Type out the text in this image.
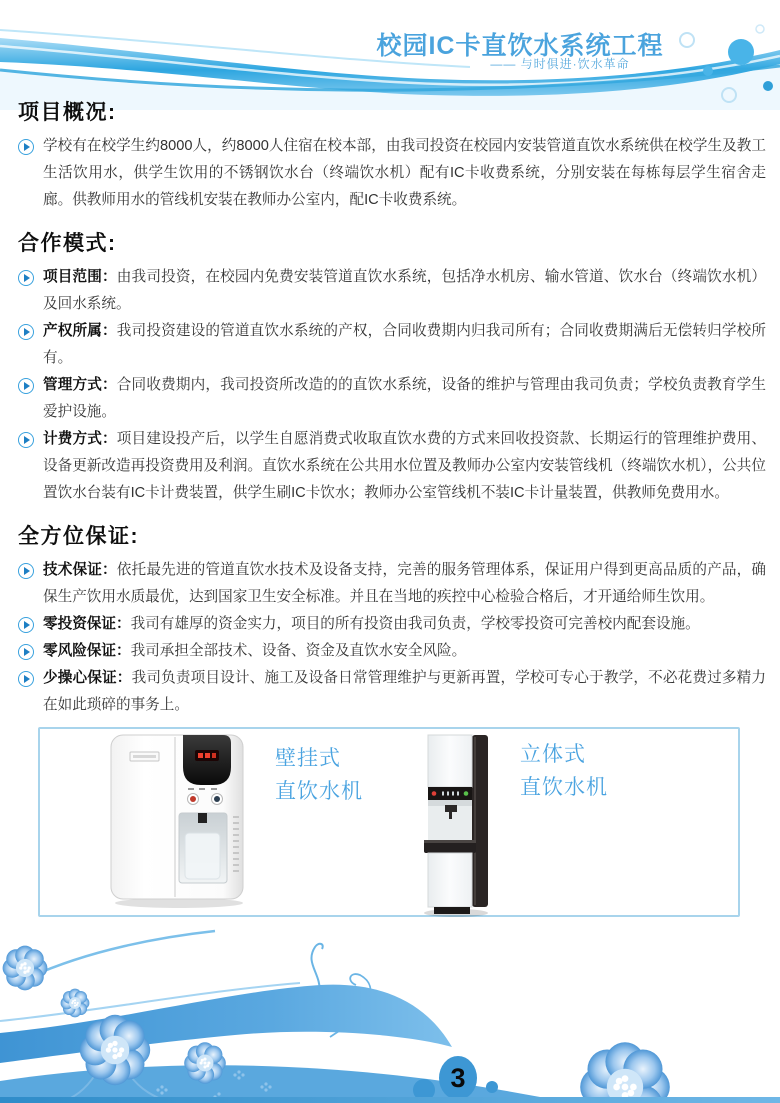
校园IC卡直饮水系统工程
—— 与时俱进·饮水革命
项目概况:
学校有在校学生约8000人，约8000人住宿在校本部，由我司投资在校园内安装管道直饮水系统供在校学生及教工生活饮用水，供学生饮用的不锈钢饮水台（终端饮水机）配有IC卡收费系统，分别安装在每栋每层学生宿舍走廊。供教师用水的管线机安装在教师办公室内，配IC卡收费系统。
合作模式:
项目范围：由我司投资，在校园内免费安装管道直饮水系统，包括净水机房、输水管道、饮水台（终端饮水机）及回水系统。
产权所属：我司投资建设的管道直饮水系统的产权，合同收费期内归我司所有；合同收费期满后无偿转归学校所有。
管理方式：合同收费期内，我司投资所改造的的直饮水系统，设备的维护与管理由我司负责；学校负责教育学生爱护设施。
计费方式：项目建设投产后，以学生自愿消费式收取直饮水费的方式来回收投资款、长期运行的管理维护费用、设备更新改造再投资费用及利润。直饮水系统在公共用水位置及教师办公室内安装管线机（终端饮水机），公共位置饮水台装有IC卡计费装置，供学生刷IC卡饮水；教师办公室管线机不装IC卡计量装置，供教师免费用水。
全方位保证:
技术保证：依托最先进的管道直饮水技术及设备支持，完善的服务管理体系，保证用户得到更高品质的产品，确保生产饮用水质最优，达到国家卫生安全标准。并且在当地的疾控中心检验合格后，才开通给师生饮用。
零投资保证：我司有雄厚的资金实力，项目的所有投资由我司负责，学校零投资可完善校内配套设施。
零风险保证：我司承担全部技术、设备、资金及直饮水安全风险。
少操心保证：我司负责项目设计、施工及设备日常管理维护与更新再置，学校可专心于教学，不必花费过多精力在如此琐碎的事务上。
壁挂式
直饮水机
立体式
直饮水机
3
